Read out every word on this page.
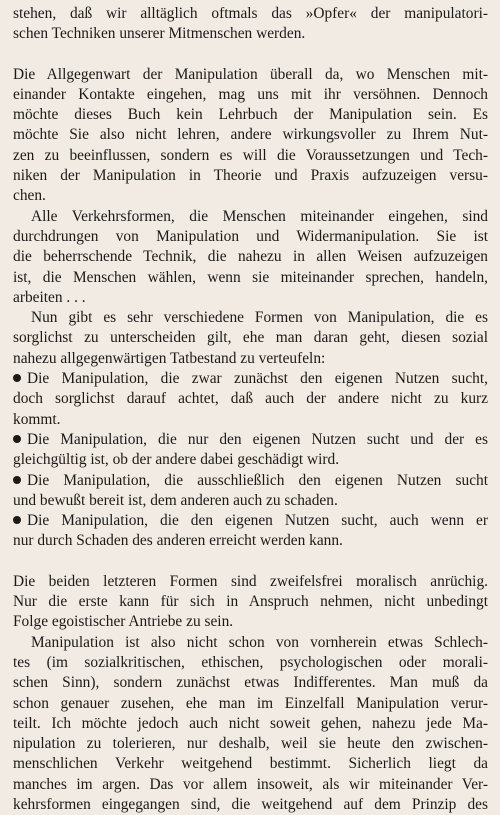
stehen, daß wir alltäglich oftmals das »Opfer« der manipulatori-
schen Techniken unserer Mitmenschen werden.
Die Allgegenwart der Manipulation überall da, wo Menschen mit-
einander Kontakte eingehen, mag uns mit ihr versöhnen. Dennoch
möchte dieses Buch kein Lehrbuch der Manipulation sein. Es
möchte Sie also nicht lehren, andere wirkungsvoller zu Ihrem Nut-
zen zu beeinflussen, sondern es will die Voraussetzungen und Tech-
niken der Manipulation in Theorie und Praxis aufzuzeigen versu-
chen.
Alle Verkehrsformen, die Menschen miteinander eingehen, sind
durchdrungen von Manipulation und Widermanipulation. Sie ist
die beherrschende Technik, die nahezu in allen Weisen aufzuzeigen
ist, die Menschen wählen, wenn sie miteinander sprechen, handeln,
arbeiten . . .
Nun gibt es sehr verschiedene Formen von Manipulation, die es
sorglichst zu unterscheiden gilt, ehe man daran geht, diesen sozial
nahezu allgegenwärtigen Tatbestand zu verteufeln:
Die Manipulation, die zwar zunächst den eigenen Nutzen sucht,
doch sorglichst darauf achtet, daß auch der andere nicht zu kurz
kommt.
Die Manipulation, die nur den eigenen Nutzen sucht und der es
gleichgültig ist, ob der andere dabei geschädigt wird.
Die Manipulation, die ausschließlich den eigenen Nutzen sucht
und bewußt bereit ist, dem anderen auch zu schaden.
Die Manipulation, die den eigenen Nutzen sucht, auch wenn er
nur durch Schaden des anderen erreicht werden kann.
Die beiden letzteren Formen sind zweifelsfrei moralisch anrüchig.
Nur die erste kann für sich in Anspruch nehmen, nicht unbedingt
Folge egoistischer Antriebe zu sein.
Manipulation ist also nicht schon von vornherein etwas Schlech-
tes (im sozialkritischen, ethischen, psychologischen oder morali-
schen Sinn), sondern zunächst etwas Indifferentes. Man muß da
schon genauer zusehen, ehe man im Einzelfall Manipulation verur-
teilt. Ich möchte jedoch auch nicht soweit gehen, nahezu jede Ma-
nipulation zu tolerieren, nur deshalb, weil sie heute den zwischen-
menschlichen Verkehr weitgehend bestimmt. Sicherlich liegt da
manches im argen. Das vor allem insoweit, als wir miteinander Ver-
kehrsformen eingegangen sind, die weitgehend auf dem Prinzip des
